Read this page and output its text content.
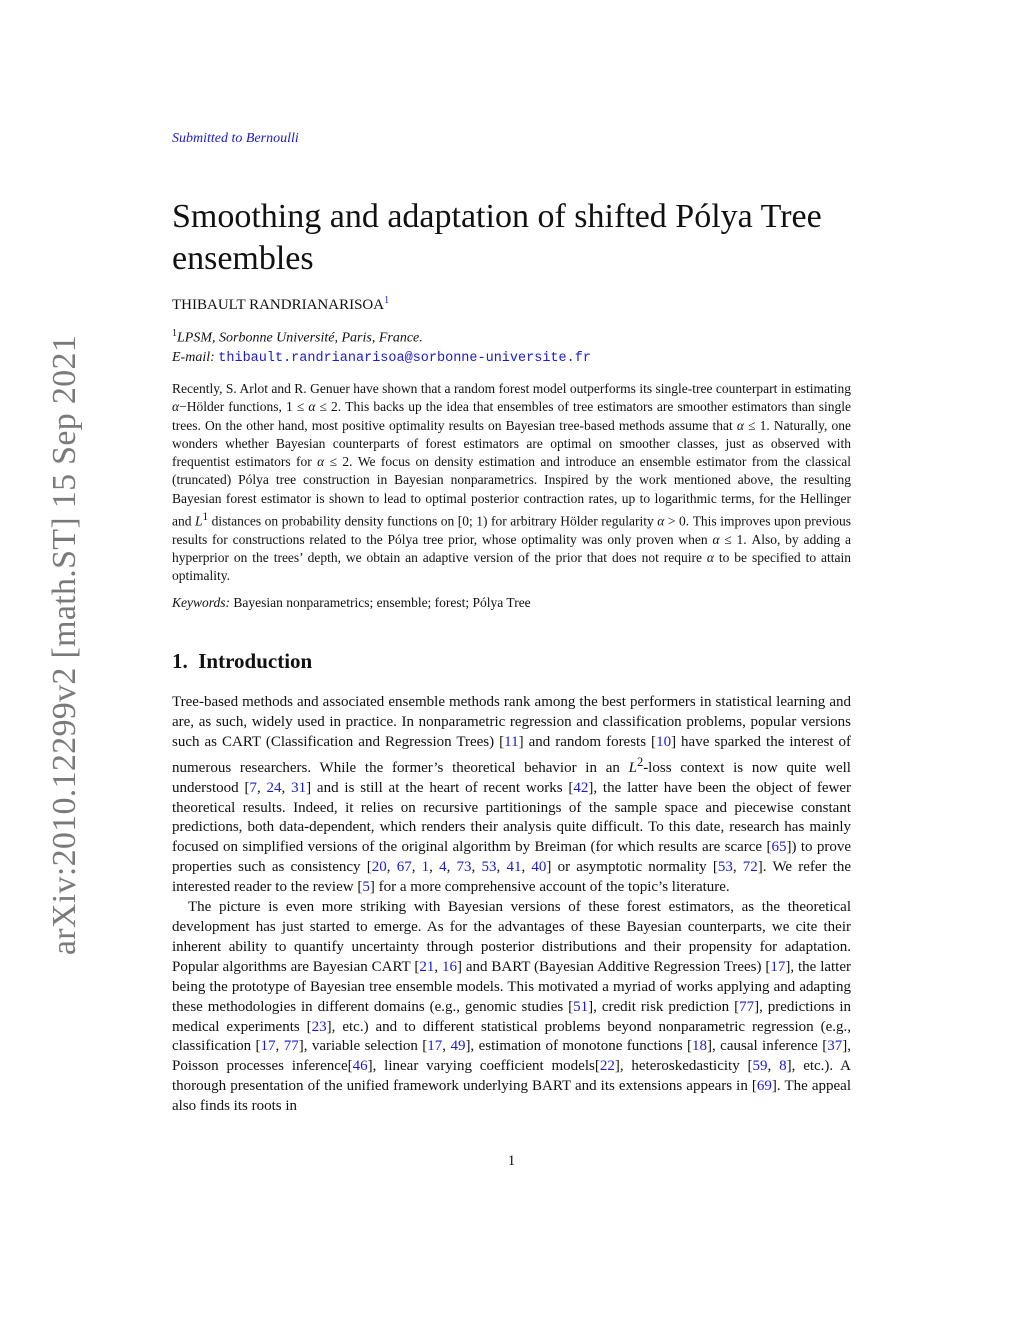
arXiv:2010.12299v2 [math.ST] 15 Sep 2021
Submitted to Bernoulli
Smoothing and adaptation of shifted Pólya Tree ensembles
THIBAULT RANDRIANARISOA$^1$
$^1$LPSM, Sorbonne Université, Paris, France.
E-mail: thibault.randrianarisoa@sorbonne-universite.fr

Recently, S. Arlot and R. Genuer have shown that a random forest model outperforms its single-tree counterpart in estimating α−Hölder functions, 1 ≤ α ≤ 2. This backs up the idea that ensembles of tree estimators are smoother estimators than single trees. On the other hand, most positive optimality results on Bayesian tree-based methods assume that α ≤ 1. Naturally, one wonders whether Bayesian counterparts of forest estimators are optimal on smoother classes, just as observed with frequentist estimators for α ≤ 2. We focus on density estimation and introduce an ensemble estimator from the classical (truncated) Pólya tree construction in Bayesian nonparametrics. Inspired by the work mentioned above, the resulting Bayesian forest estimator is shown to lead to optimal posterior contraction rates, up to logarithmic terms, for the Hellinger and $L^1$ distances on probability density functions on [0; 1) for arbitrary Hölder regularity α > 0. This improves upon previous results for constructions related to the Pólya tree prior, whose optimality was only proven when α ≤ 1. Also, by adding a hyperprior on the trees’ depth, we obtain an adaptive version of the prior that does not require α to be specified to attain optimality.

Keywords: Bayesian nonparametrics; ensemble; forest; Pólya Tree
1. Introduction

Tree-based methods and associated ensemble methods rank among the best performers in statistical learning and are, as such, widely used in practice. In nonparametric regression and classification problems, popular versions such as CART (Classification and Regression Trees) [11] and random forests [10] have sparked the interest of numerous researchers. While the former’s theoretical behavior in an $L^2$-loss context is now quite well understood [7, 24, 31] and is still at the heart of recent works [42], the latter have been the object of fewer theoretical results. Indeed, it relies on recursive partitionings of the sample space and piecewise constant predictions, both data-dependent, which renders their analysis quite difficult. To this date, research has mainly focused on simplified versions of the original algorithm by Breiman (for which results are scarce [65]) to prove properties such as consistency [20, 67, 1, 4, 73, 53, 41, 40] or asymptotic normality [53, 72]. We refer the interested reader to the review [5] for a more comprehensive account of the topic’s literature.
The picture is even more striking with Bayesian versions of these forest estimators, as the theoretical development has just started to emerge. As for the advantages of these Bayesian counterparts, we cite their inherent ability to quantify uncertainty through posterior distributions and their propensity for adaptation. Popular algorithms are Bayesian CART [21, 16] and BART (Bayesian Additive Regression Trees) [17], the latter being the prototype of Bayesian tree ensemble models. This motivated a myriad of works applying and adapting these methodologies in different domains (e.g., genomic studies [51], credit risk prediction [77], predictions in medical experiments [23], etc.) and to different statistical problems beyond nonparametric regression (e.g., classification [17, 77], variable selection [17, 49], estimation of monotone functions [18], causal inference [37], Poisson processes inference[46], linear varying coefficient models[22], heteroskedasticity [59, 8], etc.). A thorough presentation of the unified framework underlying BART and its extensions appears in [69]. The appeal also finds its roots in

1
